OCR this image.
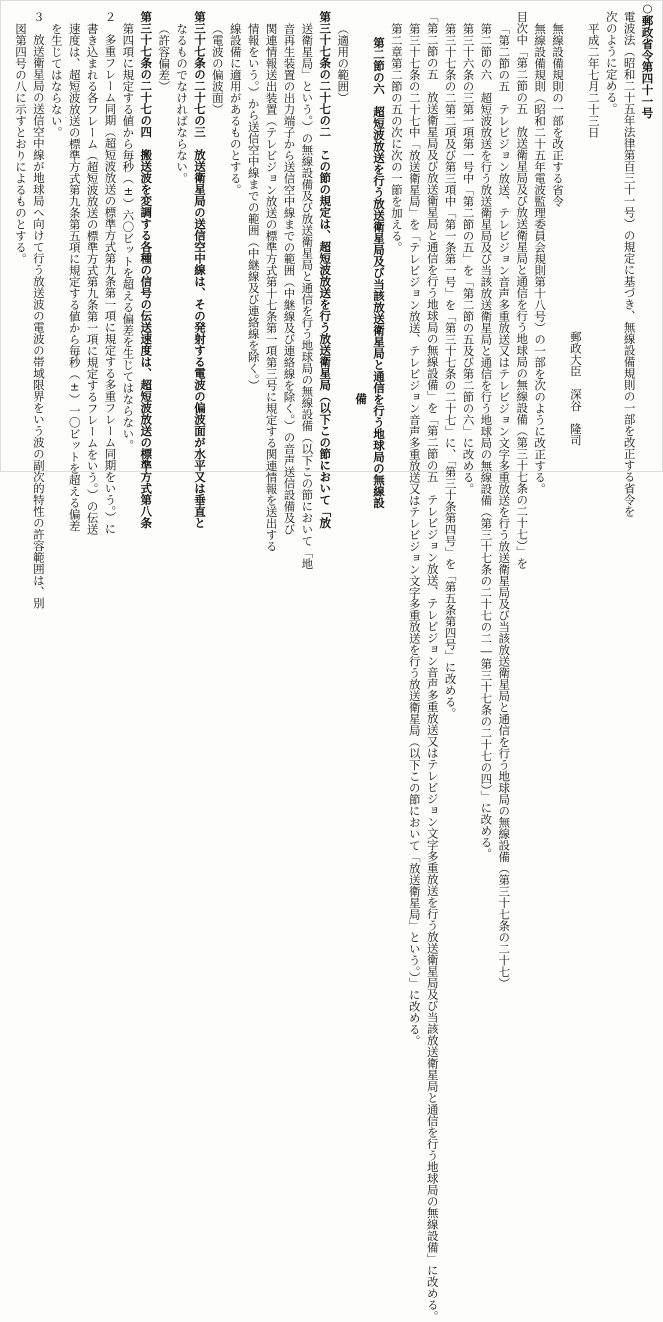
○郵政省令第四十一号
電波法（昭和二十五年法律第百三十一号）の規定に基づき、無線設備規則の一部を改正する省令を
次のように定める。
平成二年七月二十三日
郵政大臣　深谷　隆司
無線設備規則の一部を改正する省令
無線設備規則（昭和二十五年電波監理委員会規則第十八号）の一部を次のように改正する。
目次中「第二節の五　放送衛星局及び放送衛星局と通信を行う地球局の無線設備（第三十七条の二十七）」を
「第二節の五　テレビジョン放送、テレビジョン音声多重放送又はテレビジョン文字多重放送を行う放送衛星局及び当該放送衛星局と通信を行う地球局の無線設備（第三十七条の二十七）
第二節の六　超短波放送を行う放送衛星局及び当該放送衛星局と通信を行う地球局の無線設備（第三十七条の二十七の二―第三十七条の二十七の四）」に改める。
第三十六条の三第一項第一号中「第二節の五」を「第二節の五及び第二節の六」に改める。
第三十七条の二第二項及び第三項中「第一条第一号」を「第三十七条の二十七」に、「第三十条第四号」を「第五条第四号」に改める。
「第二節の五　放送衛星局及び放送衛星局と通信を行う地球局の無線設備」を「第二節の五　テレビジョン放送、テレビジョン音声多重放送又はテレビジョン文字多重放送を行う放送衛星局及び当該放送衛星局と通信を行う地球局の無線設備」に改める。
第三十七条の二十七中「放送衛星局」を「テレビジョン放送、テレビジョン音声多重放送又はテレビジョン文字多重放送を行う放送衛星局（以下この節において「放送衛星局」という。）」に改める。
第二章第二節の五の次に次の一節を加える。
第二節の六　超短波放送を行う放送衛星局及び当該放送衛星局と通信を行う地球局の無線設
備
（適用の範囲）
第三十七条の二十七の二　この節の規定は、超短波放送を行う放送衛星局（以下この節において「放
送衛星局」という。）の無線設備及び放送衛星局と通信を行う地球局の無線設備（以下この節において「地
音再生装置の出力端子から送信空中線までの範囲（中継線及び連絡線を除く。）の音声送信設備及び
関連情報送出装置（テレビジョン放送の標準方式第十七条第一項第三号に規定する関連情報を送出する
情報をいう。）から送信空中線までの範囲（中継線及び連絡線を除く。）
線設備に適用があるものとする。
（電波の偏波面）
第三十七条の二十七の三　放送衛星局の送信空中線は、その発射する電波の偏波面が水平又は垂直と
なるものでなければならない。
（許容偏差）
第三十七条の二十七の四　搬送波を変調する各種の信号の伝送速度は、超短波放送の標準方式第八条
第四項に規定する値から毎秒（±）六〇ビットを超える偏差を生じてはならない。
２　多重フレーム同期（超短波放送の標準方式第九条第一項に規定する多重フレーム同期をいう。）に
書き込まれる各フレーム（超短波放送の標準方式第九条第一項に規定するフレームをいう。）の伝送
速度は、超短波放送の標準方式第九条第五項に規定する値から毎秒（±）一〇ビットを超える偏差
を生じてはならない。
３　放送衛星局の送信空中線が地球局へ向けて行う放送波の電波の帯域限界をいう波の副次的特性の許容範囲は、別
図第四号の八に示すとおりによるものとする。
